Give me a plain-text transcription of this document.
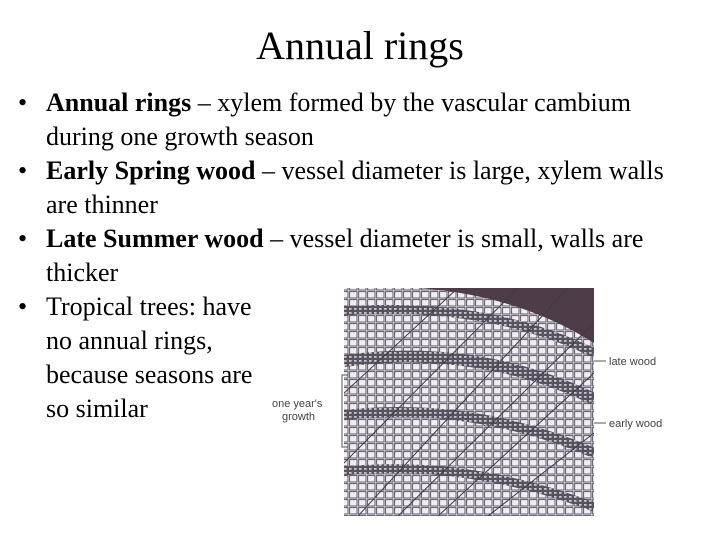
Annual rings
• Annual rings – xylem formed by the vascular cambium during one growth season
• Early Spring wood – vessel diameter is large, xylem walls are thinner
• Late Summer wood – vessel diameter is small, walls are thicker
• Tropical trees: have no annual rings, because seasons are so similar	one year's
growth
late wood
early wood
